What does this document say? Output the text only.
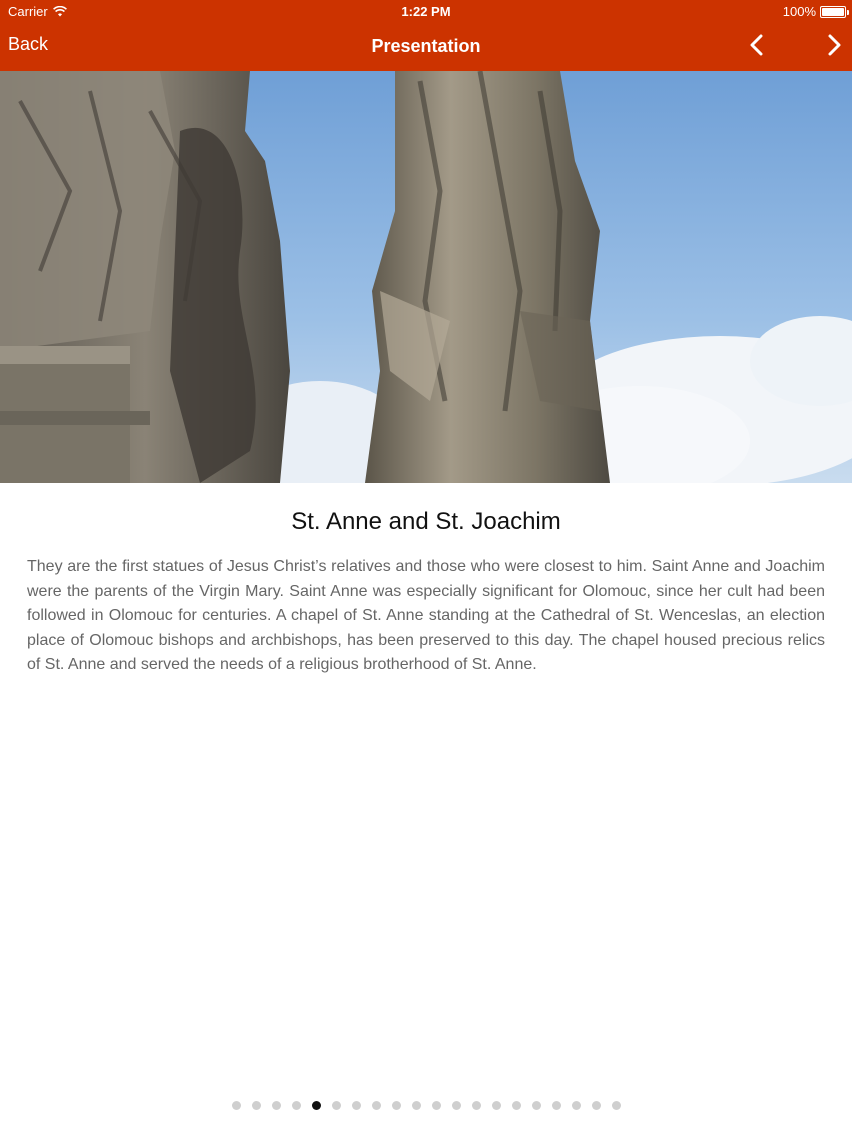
Carrier	1:22 PM	100%
Back	Presentation
St. Anne and St. Joachim
They are the first statues of Jesus Christ’s relatives and those who were closest to him. Saint Anne and Joachim were the parents of the Virgin Mary. Saint Anne was especially significant for Olomouc, since her cult had been followed in Olomouc for centuries. A chapel of St. Anne standing at the Cathedral of St. Wenceslas, an election place of Olomouc bishops and archbishops, has been preserved to this day. The chapel housed precious relics of St. Anne and served the needs of a religious brotherhood of St. Anne.
